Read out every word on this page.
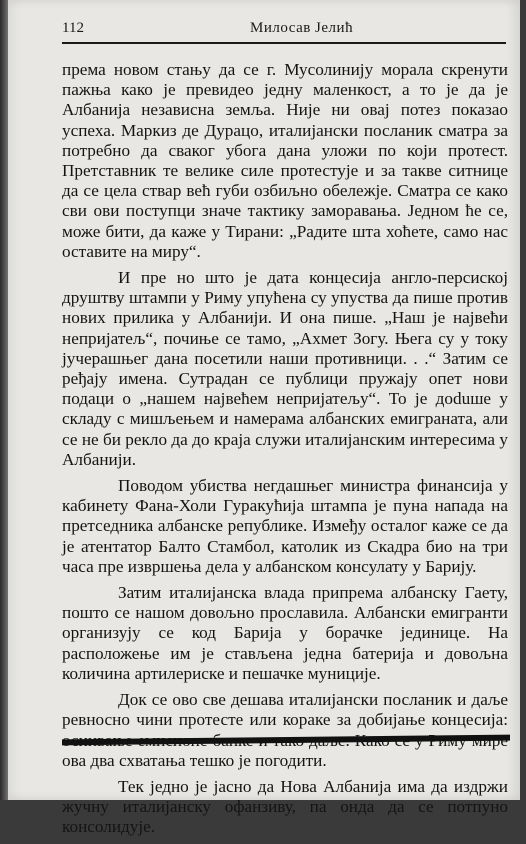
112	Милосав Јелић

према новом стању да се г. Мусолинију морала скренути пажња како је превидео једну маленкост, а то је да је Албанија независна земља. Није ни овај потез показао успеха. Маркиз де Дурацо, италијански посланик сматра за потребно да сваког убога дана уложи по који протест. Претставник те велике силе протестује и за такве ситнице да се цела ствар већ губи озбиљно обележје. Сматра се како сви ови поступци значе тактику заморавања. Једном ће се, може бити, да каже у Тирани: „Радите шта хоћете, само нас оставите на миру“.

И пре но што је дата концесија англо-персиској друштву штампи у Риму упућена су упуства да пише против нових прилика у Албанији. И она пише. „Наш је највећи непријатељ“, почиње се тамо, „Ахмет Зогу. Њега су у току јучерашњег дана посетили наши противници. . .“ Затим се ређају имена. Сутрадан се публици пружају опет нови подаци о „нашем највећем непријатељу“. То је доduше у складу с мишљењем и намерама албанских емиграната, али се не би рекло да до краја служи италијанским интересима у Албанији.

Поводом убиства негдашњег министра финансија у кабинету Фана-Холи Гуракућија штампа је пуна напада на претседника албанске републике. Између осталог каже се да је атентатор Балто Стамбол, католик из Скадра био на три часа пре извршења дела у албанском консулату у Барију.

Затим италијанска влада припрема албанску Гаету, пошто се нашом довољно прославила. Албански емигранти организују се код Барија у борачке јединице. На расположење им је стављена једна батерија и довољна количина артилериске и пешачке муниције.

Док се ово све дешава италијански посланик и даље ревносно чини протесте или кораке за добијање концесија: ова два схватања тешко је погодити.

Тек једно је јасно да Нова Албанија има да издржи жучну италијанску офанзиву, па онда да се потпуно консолидује.
